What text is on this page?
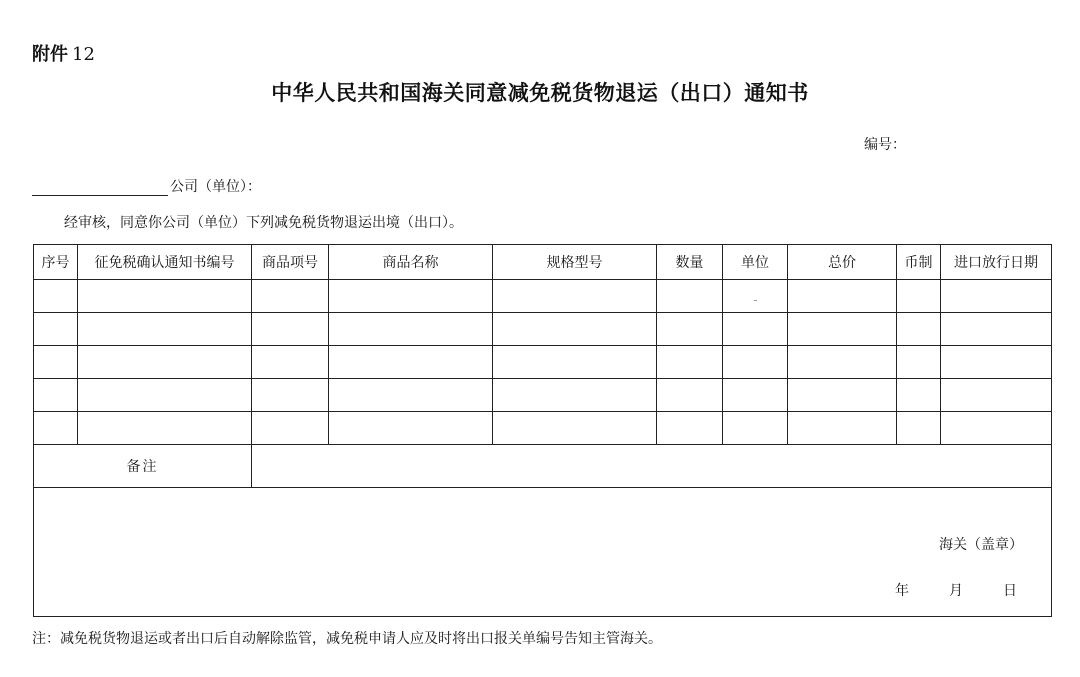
附件 12
中华人民共和国海关同意减免税货物退运（出口）通知书
编号：
公司（单位）：
经审核，同意你公司（单位）下列减免税货物退运出境（出口）。
序号	征免税确认通知书编号	商品项号	商品名称	规格型号	数量	单位	总价	币制	进口放行日期

备注									

海关（盖章）
年 月 日									
注：减免税货物退运或者出口后自动解除监管，减免税申请人应及时将出口报关单编号告知主管海关。
